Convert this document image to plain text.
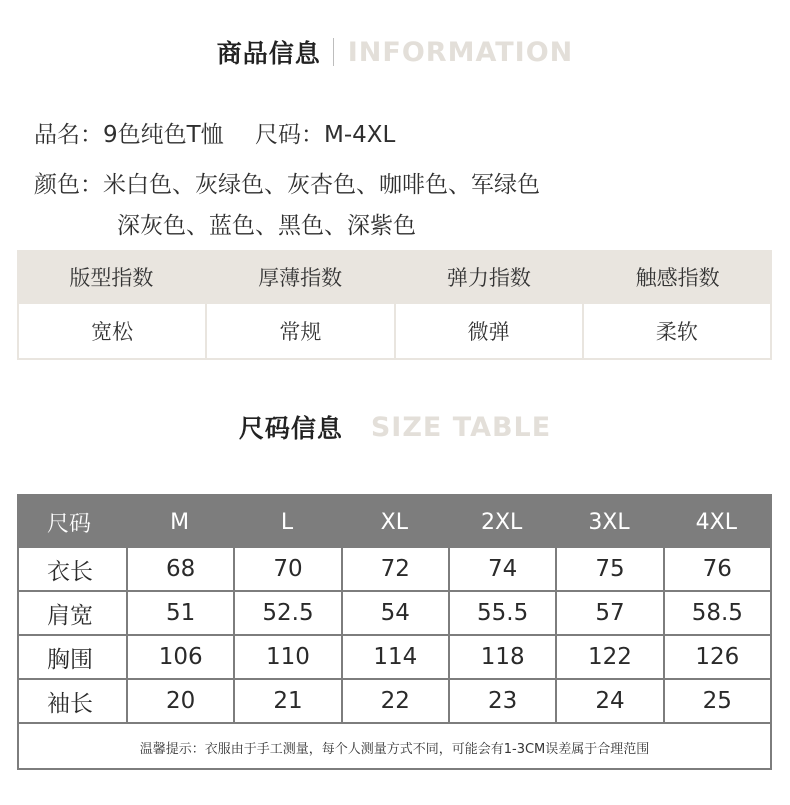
商品信息 INFORMATION
品名：9色纯色T恤 尺码：M-4XL
颜色：米白色、灰绿色、灰杏色、咖啡色、军绿色
深灰色、蓝色、黑色、深紫色
版型指数	厚薄指数	弹力指数	触感指数
宽松	常规	微弹	柔软
尺码信息 SIZE TABLE
尺码	M	L	XL	2XL	3XL	4XL
衣长	68	70	72	74	75	76
肩宽	51	52.5	54	55.5	57	58.5
胸围	106	110	114	118	122	126
袖长	20	21	22	23	24	25
温馨提示：衣服由于手工测量，每个人测量方式不同，可能会有1-3CM误差属于合理范围
